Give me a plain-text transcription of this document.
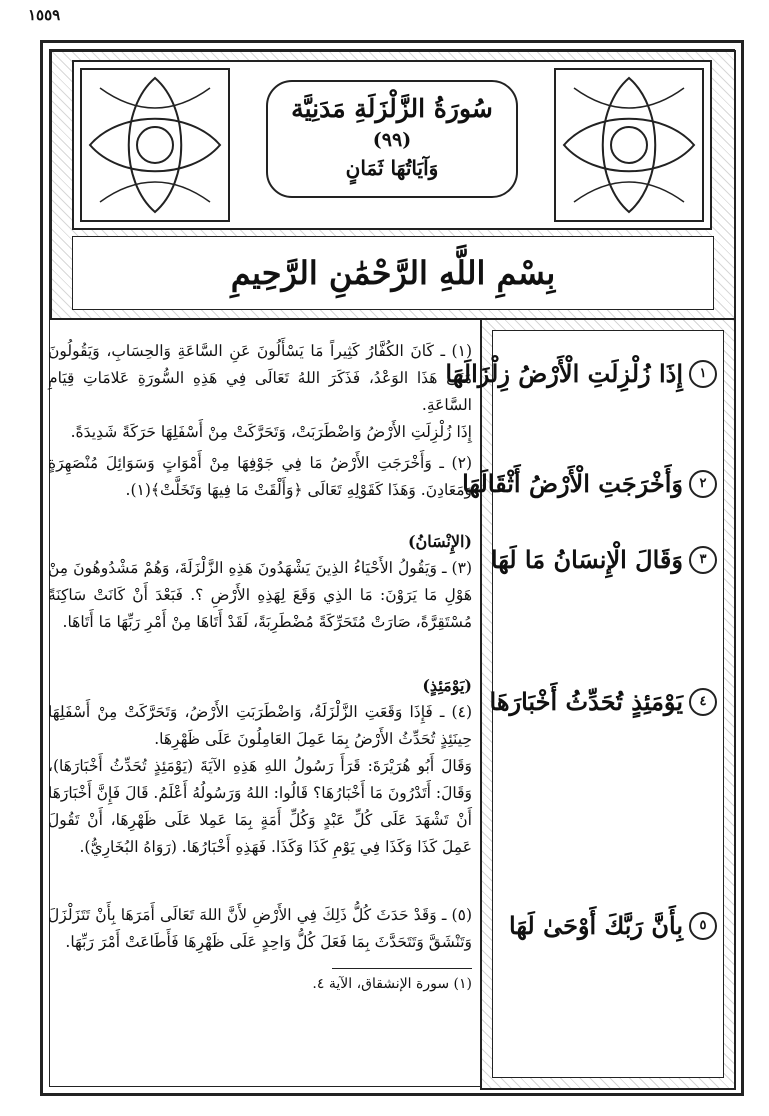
١٥٥٩
سُورَةُ الزَّلْزَلَةِ مَدَنِيَّة (٩٩)
وَآيَاتُهَا ثَمَانٍ
بِسْمِ اللَّهِ الرَّحْمَٰنِ الرَّحِيمِ

(١) ـ كَانَ الكُفَّارُ كَثِيراً مَا يَسْأَلُونَ عَنِ السَّاعَةِ وَالحِسَابِ، وَيَقُولُونَ مَتَى هَذَا الوَعْدُ، فَذَكَرَ اللهُ تَعَالَى فِي هَذِهِ السُّورَةِ عَلامَاتِ قِيَامِ السَّاعَةِ.

إِذَا زُلْزِلَتِ الأَرْضُ وَاضْطَرَبَتْ، وَتَحَرَّكَتْ مِنْ أَسْفَلِهَا حَرَكَةً شَدِيدَةً.

(٢) ـ وَأَخْرَجَتِ الأَرْضُ مَا فِي جَوْفِهَا مِنْ أَمْوَاتٍ وَسَوَائِلَ مُنْصَهِرَةٍ وَمَعَادِنَ. وَهَذَا كَقَوْلِهِ تَعَالَى ﴿وَأَلْقَتْ مَا فِيهَا وَتَخَلَّتْ﴾(١).

(الإِنْسَانُ)

(٣) ـ وَيَقُولُ الأَحْيَاءُ الذِينَ يَشْهَدُونَ هَذِهِ الزَّلْزَلَةَ، وَهُمْ مَشْدُوهُونَ مِنْ هَوْلِ مَا يَرَوْنَ: مَا الذِي وَقَعَ لِهَذِهِ الأَرْضِ ؟. فَبَعْدَ أَنْ كَانَتْ سَاكِنَةً مُسْتَقِرَّةً، صَارَتْ مُتَحَرِّكَةً مُضْطَرِبَةً، لَقَدْ أَتَاهَا مِنْ أَمْرِ رَبِّهَا مَا أَتَاهَا.

(يَوْمَئِذٍ)

(٤) ـ فَإِذَا وَقَعَتِ الزَّلْزَلَةُ، وَاضْطَرَبَتِ الأَرْضُ، وَتَحَرَّكَتْ مِنْ أَسْفَلِهَا حِينَئِذٍ تُحَدِّثُ الأَرْضُ بِمَا عَمِلَ العَامِلُونَ عَلَى ظَهْرِهَا.

وَقَالَ أَبُو هُرَيْرَةَ: قَرَأَ رَسُولُ اللهِ هَذِهِ الآيَةَ (يَوْمَئِذٍ تُحَدِّثُ أَخْبَارَهَا)، وَقَالَ: أَتَدْرُونَ مَا أَخْبَارُهَا؟ قَالُوا: اللهُ وَرَسُولُهُ أَعْلَمُ. قَالَ فَإِنَّ أَخْبَارَهَا أَنْ تَشْهَدَ عَلَى كُلِّ عَبْدٍ وَكُلِّ أَمَةٍ بِمَا عَمِلا عَلَى ظَهْرِهَا، أَنْ تَقُولَ عَمِلَ كَذَا وَكَذَا فِي يَوْمِ كَذَا وَكَذَا. فَهَذِهِ أَخْبَارُهَا. (رَوَاهُ البُخَارِيُّ).

(٥) ـ وَقَدْ حَدَثَ كُلُّ ذَلِكَ فِي الأَرْضِ لأَنَّ اللهَ تَعَالَى أَمَرَهَا بِأَنْ تَتَزَلْزَلَ وَتَنْشَقَّ وَتَتَحَدَّثَ بِمَا فَعَلَ كُلُّ وَاحِدٍ عَلَى ظَهْرِهَا فَأَطَاعَتْ أَمْرَ رَبِّهَا.

(١) سورة الإنشقاق، الآية ٤.
١
إِذَا زُلْزِلَتِ الْأَرْضُ زِلْزَالَهَا
٢
وَأَخْرَجَتِ الْأَرْضُ أَثْقَالَهَا
٣
وَقَالَ الْإِنسَانُ مَا لَهَا
٤
يَوْمَئِذٍ تُحَدِّثُ أَخْبَارَهَا
٥
بِأَنَّ رَبَّكَ أَوْحَىٰ لَهَا
